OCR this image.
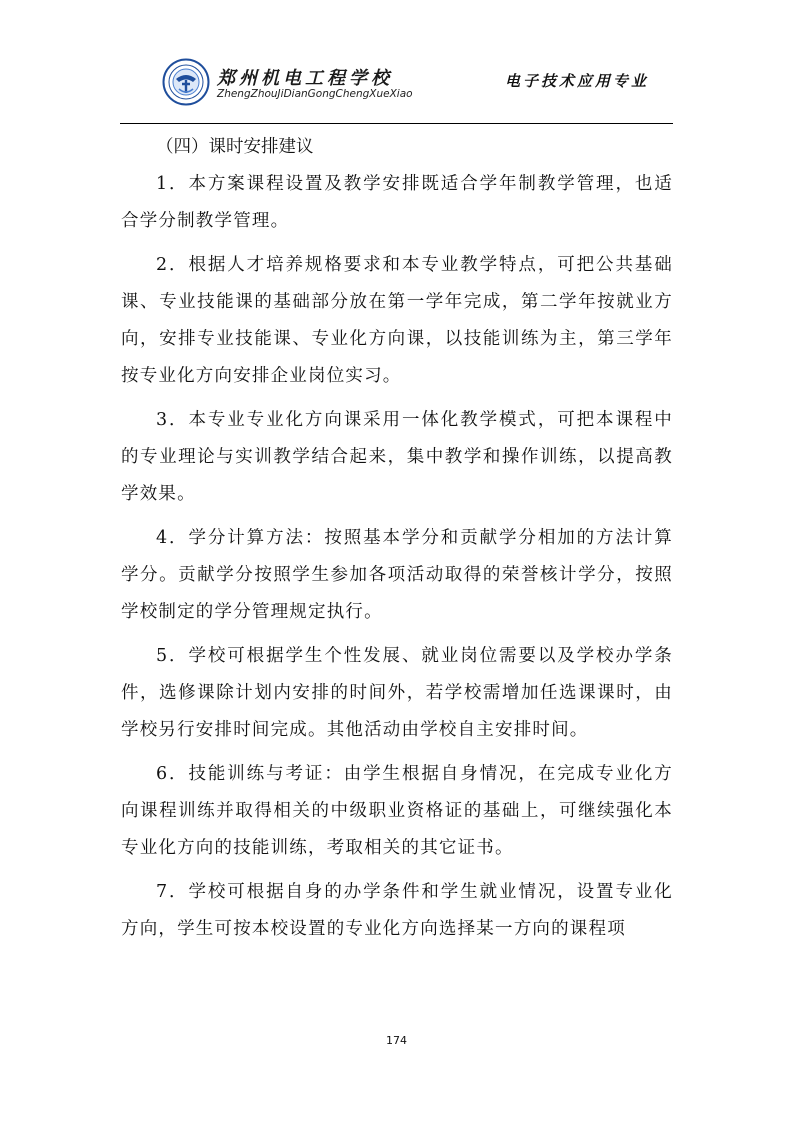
郑州机电工程学校
ZhengZhouJiDianGongChengXueXiao
电子技术应用专业

（四）课时安排建议

1．本方案课程设置及教学安排既适合学年制教学管理，也适合学分制教学管理。

2．根据人才培养规格要求和本专业教学特点，可把公共基础课、专业技能课的基础部分放在第一学年完成，第二学年按就业方向，安排专业技能课、专业化方向课，以技能训练为主，第三学年按专业化方向安排企业岗位实习。

3．本专业专业化方向课采用一体化教学模式，可把本课程中的专业理论与实训教学结合起来，集中教学和操作训练，以提高教学效果。

4．学分计算方法：按照基本学分和贡献学分相加的方法计算学分。贡献学分按照学生参加各项活动取得的荣誉核计学分，按照学校制定的学分管理规定执行。

5．学校可根据学生个性发展、就业岗位需要以及学校办学条件，选修课除计划内安排的时间外，若学校需增加任选课课时，由学校另行安排时间完成。其他活动由学校自主安排时间。

6．技能训练与考证：由学生根据自身情况，在完成专业化方向课程训练并取得相关的中级职业资格证的基础上，可继续强化本专业化方向的技能训练，考取相关的其它证书。

7．学校可根据自身的办学条件和学生就业情况，设置专业化方向，学生可按本校设置的专业化方向选择某一方向的课程项

174
